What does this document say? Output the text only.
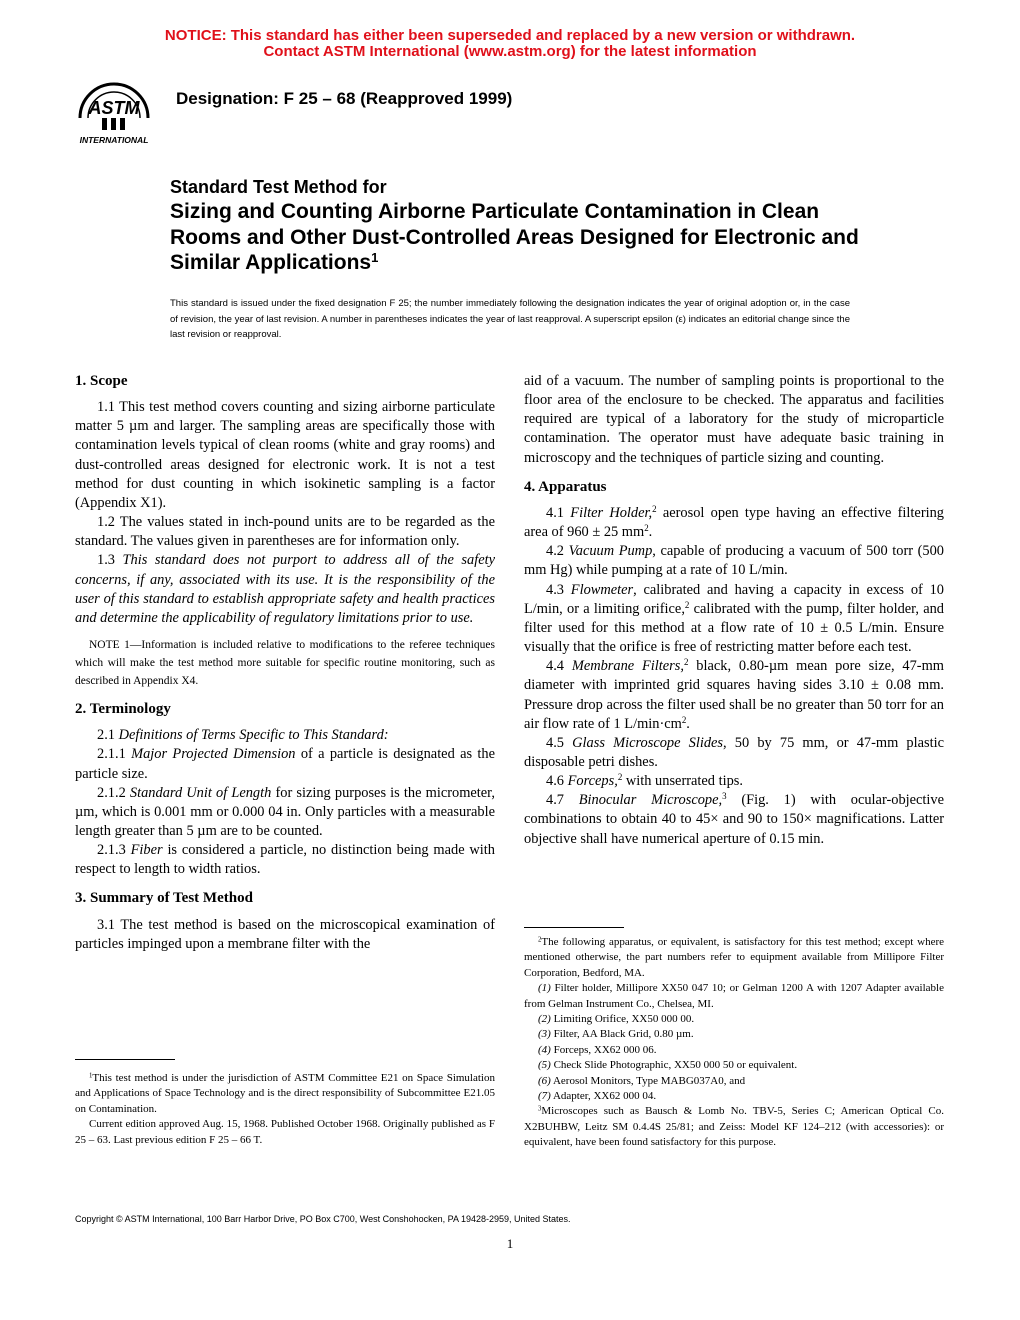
NOTICE: This standard has either been superseded and replaced by a new version or withdrawn.
Contact ASTM International (www.astm.org) for the latest information
ASTM
INTERNATIONAL
Designation: F 25 – 68 (Reapproved 1999)
Standard Test Method for
Sizing and Counting Airborne Particulate Contamination in Clean Rooms and Other Dust-Controlled Areas Designed for Electronic and Similar Applications$^1$
This standard is issued under the fixed designation F 25; the number immediately following the designation indicates the year of original adoption or, in the case of revision, the year of last revision. A number in parentheses indicates the year of last reapproval. A superscript epsilon (ε) indicates an editorial change since the last revision or reapproval.

1. Scope

1.1 This test method covers counting and sizing airborne particulate matter 5 µm and larger. The sampling areas are specifically those with contamination levels typical of clean rooms (white and gray rooms) and dust-controlled areas designed for electronic work. It is not a test method for dust counting in which isokinetic sampling is a factor (Appendix X1).

1.2 The values stated in inch-pound units are to be regarded as the standard. The values given in parentheses are for information only.

1.3 This standard does not purport to address all of the safety concerns, if any, associated with its use. It is the responsibility of the user of this standard to establish appropriate safety and health practices and determine the applicability of regulatory limitations prior to use.

NOTE 1—Information is included relative to modifications to the referee techniques which will make the test method more suitable for specific routine monitoring, such as described in Appendix X4.

2. Terminology

2.1 Definitions of Terms Specific to This Standard:

2.1.1 Major Projected Dimension of a particle is designated as the particle size.

2.1.2 Standard Unit of Length for sizing purposes is the micrometer, µm, which is 0.001 mm or 0.000 04 in. Only particles with a measurable length greater than 5 µm are to be counted.

2.1.3 Fiber is considered a particle, no distinction being made with respect to length to width ratios.

3. Summary of Test Method

3.1 The test method is based on the microscopical examination of particles impinged upon a membrane filter with the

aid of a vacuum. The number of sampling points is proportional to the floor area of the enclosure to be checked. The apparatus and facilities required are typical of a laboratory for the study of microparticle contamination. The operator must have adequate basic training in microscopy and the techniques of particle sizing and counting.

4. Apparatus

4.1 Filter Holder,$^2$ aerosol open type having an effective filtering area of 960 ± 25 $mm^2$.

4.2 Vacuum Pump, capable of producing a vacuum of 500 torr (500 mm Hg) while pumping at a rate of 10 L/min.

4.3 Flowmeter, calibrated and having a capacity in excess of 10 L/min, or a limiting orifice,$^2$ calibrated with the pump, filter holder, and filter used for this method at a flow rate of 10 ± 0.5 L/min. Ensure visually that the orifice is free of restricting matter before each test.

4.4 Membrane Filters,$^2$ black, 0.80-µm mean pore size, 47-mm diameter with imprinted grid squares having sides 3.10 ± 0.08 mm. Pressure drop across the filter used shall be no greater than 50 torr for an air flow rate of 1 $L/\min\cdot cm^2$.

4.5 Glass Microscope Slides, 50 by 75 mm, or 47-mm plastic disposable petri dishes.

4.6 Forceps,$^2$ with unserrated tips.

4.7 Binocular Microscope,$^3$ (Fig. 1) with ocular-objective combinations to obtain 40 to 45× and 90 to 150× magnifications. Latter objective shall have numerical aperture of 0.15 min.

$^1$This test method is under the jurisdiction of ASTM Committee E21 on Space Simulation and Applications of Space Technology and is the direct responsibility of Subcommittee E21.05 on Contamination.

Current edition approved Aug. 15, 1968. Published October 1968. Originally published as F 25 – 63. Last previous edition F 25 – 66 T.

$^2$The following apparatus, or equivalent, is satisfactory for this test method; except where mentioned otherwise, the part numbers refer to equipment available from Millipore Filter Corporation, Bedford, MA.

(1) Filter holder, Millipore XX50 047 10; or Gelman 1200 A with 1207 Adapter available from Gelman Instrument Co., Chelsea, MI.

(2) Limiting Orifice, XX50 000 00.

(3) Filter, AA Black Grid, 0.80 µm.

(4) Forceps, XX62 000 06.

(5) Check Slide Photographic, XX50 000 50 or equivalent.

(6) Aerosol Monitors, Type MABG037A0, and

(7) Adapter, XX62 000 04.

$^3$Microscopes such as Bausch & Lomb No. TBV-5, Series C; American Optical Co. X2BUHBW, Leitz SM 0.4.4S 25/81; and Zeiss: Model KF 124–212 (with accessories): or equivalent, have been found satisfactory for this purpose.

Copyright © ASTM International, 100 Barr Harbor Drive, PO Box C700, West Conshohocken, PA 19428-2959, United States.
1
